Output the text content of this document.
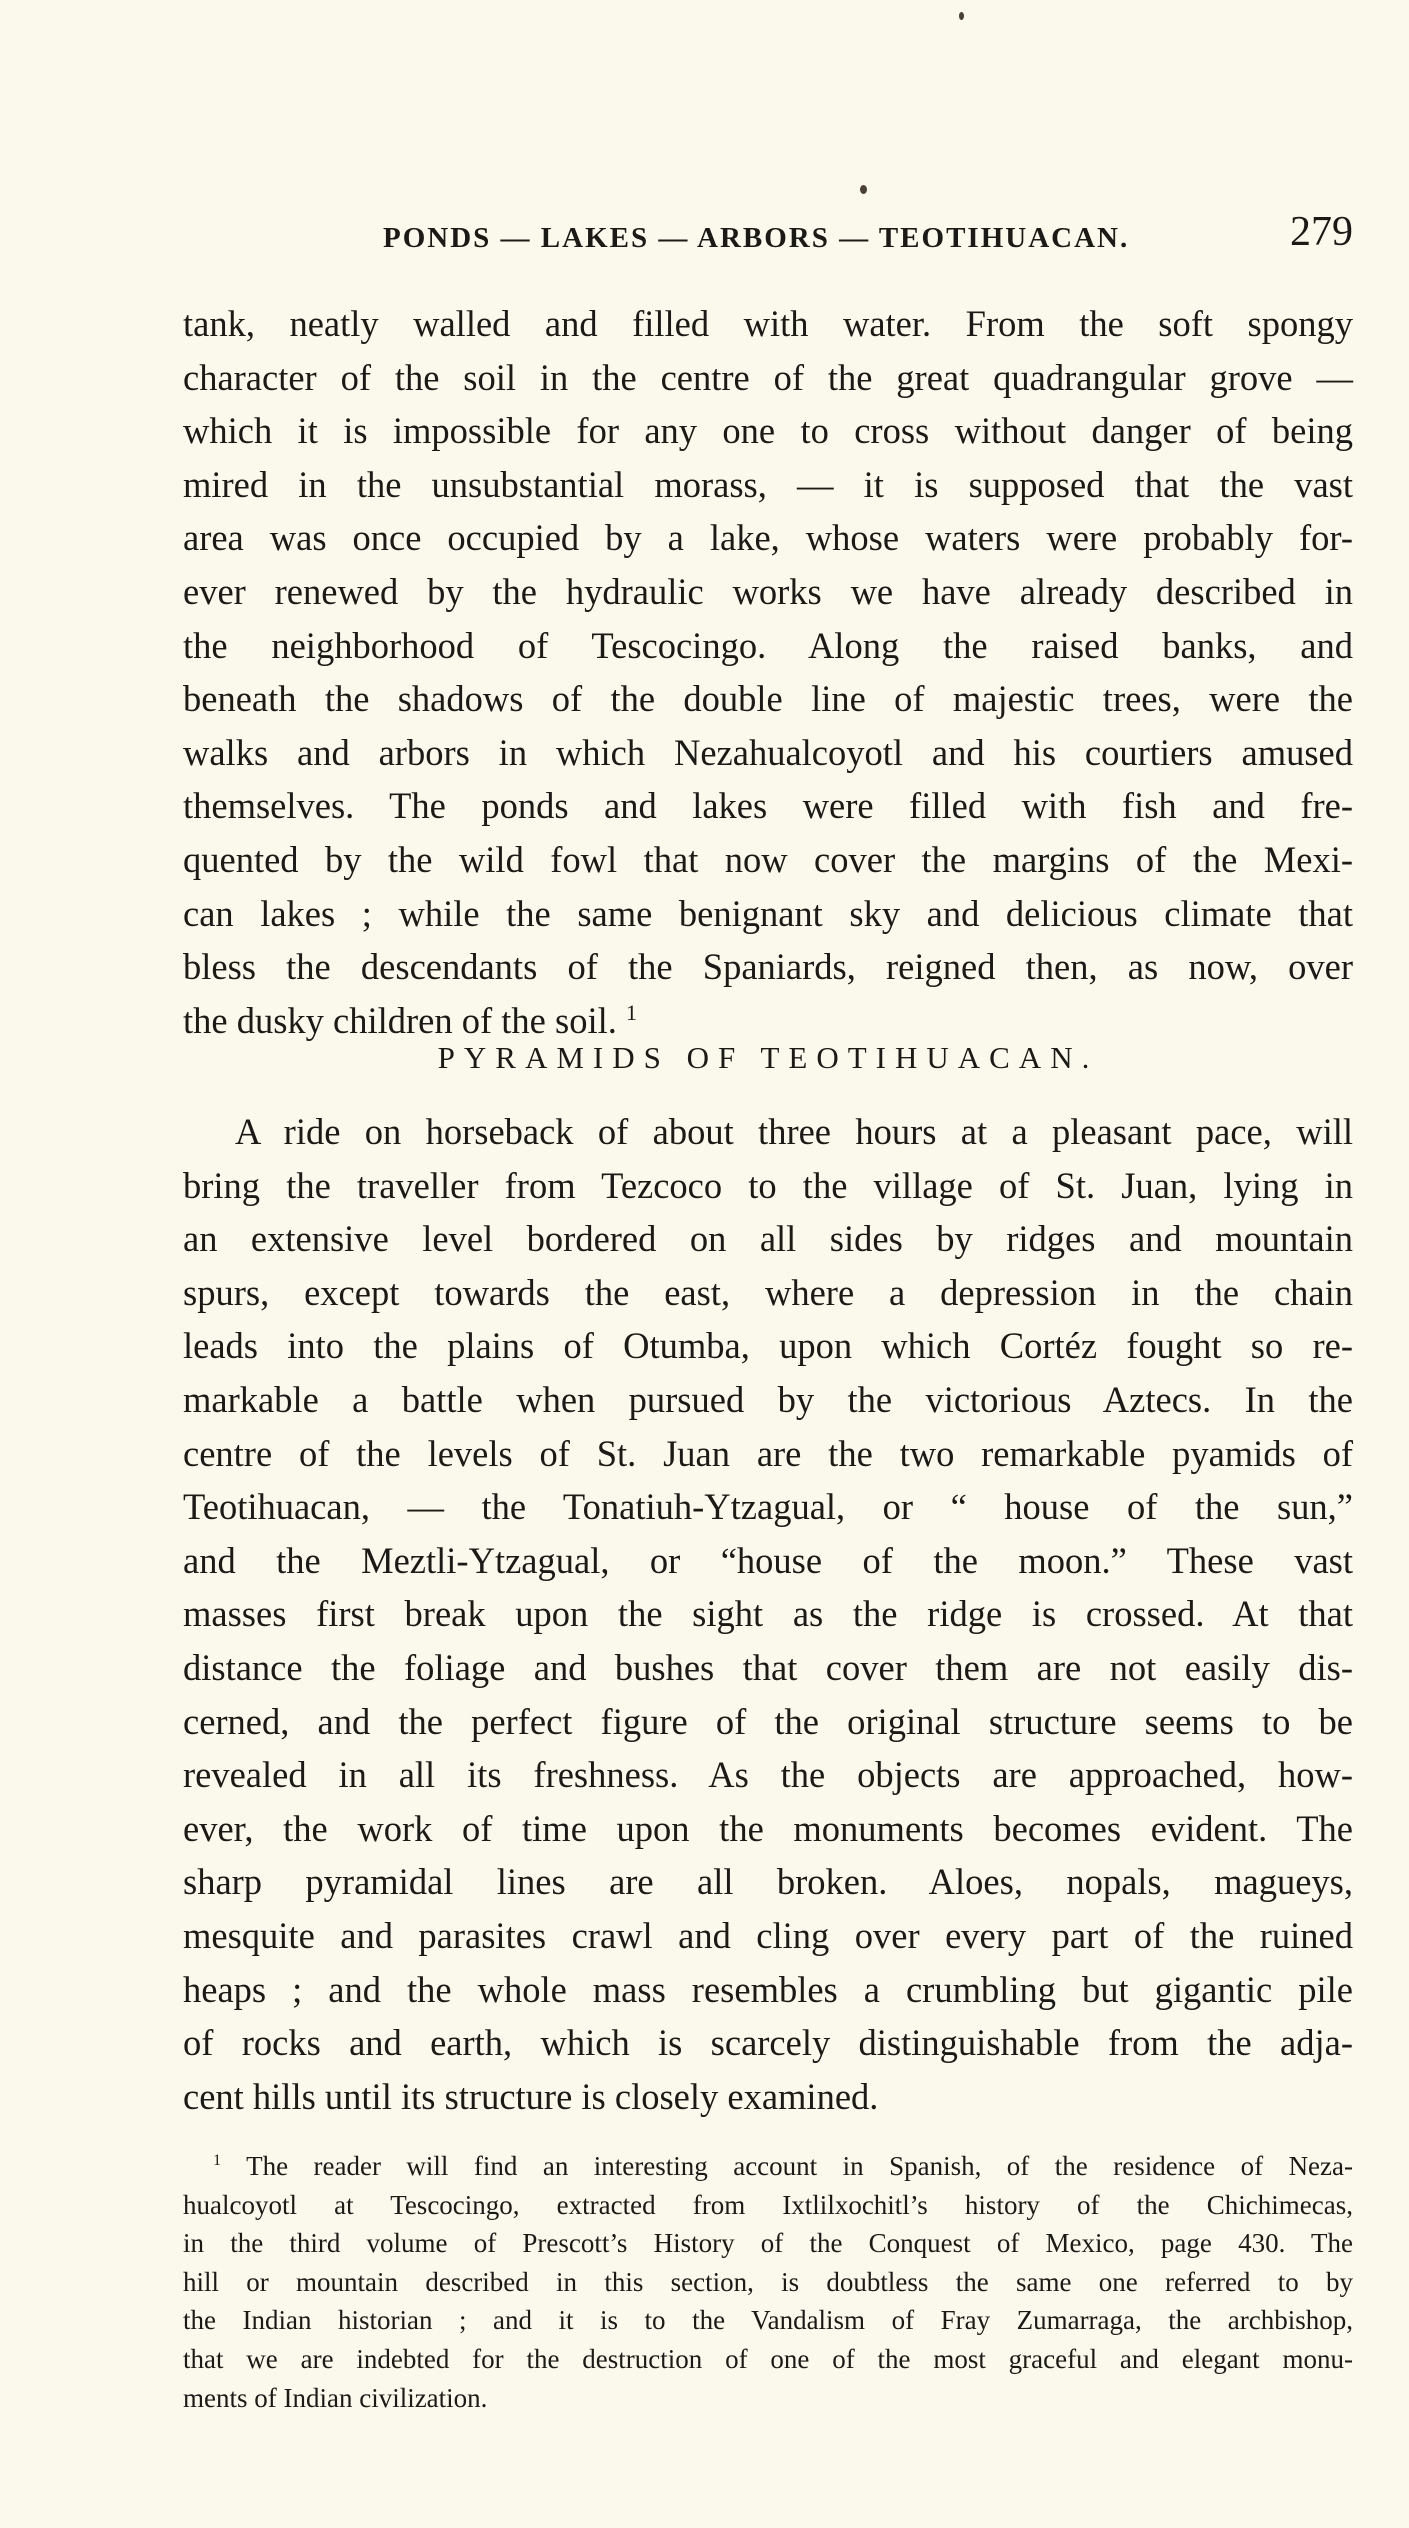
PONDS — LAKES — ARBORS — TEOTIHUACAN.	279
tank, neatly walled and filled with water. From the soft spongy
character of the soil in the centre of the great quadrangular grove —
which it is impossible for any one to cross without danger of being
mired in the unsubstantial morass, — it is supposed that the vast
area was once occupied by a lake, whose waters were probably for-
ever renewed by the hydraulic works we have already described in
the neighborhood of Tescocingo. Along the raised banks, and
beneath the shadows of the double line of majestic trees, were the
walks and arbors in which Nezahualcoyotl and his courtiers amused
themselves. The ponds and lakes were filled with fish and fre-
quented by the wild fowl that now cover the margins of the Mexi-
can lakes ; while the same benignant sky and delicious climate that
bless the descendants of the Spaniards, reigned then, as now, over
the dusky children of the soil. $^1$
PYRAMIDS OF TEOTIHUACAN.
A ride on horseback of about three hours at a pleasant pace, will
bring the traveller from Tezcoco to the village of St. Juan, lying in
an extensive level bordered on all sides by ridges and mountain
spurs, except towards the east, where a depression in the chain
leads into the plains of Otumba, upon which Cortéz fought so re-
markable a battle when pursued by the victorious Aztecs. In the
centre of the levels of St. Juan are the two remarkable pyamids of
Teotihuacan, — the Tonatiuh-Ytzagual, or “ house of the sun,”
and the Meztli-Ytzagual, or “house of the moon.” These vast
masses first break upon the sight as the ridge is crossed. At that
distance the foliage and bushes that cover them are not easily dis-
cerned, and the perfect figure of the original structure seems to be
revealed in all its freshness. As the objects are approached, how-
ever, the work of time upon the monuments becomes evident. The
sharp pyramidal lines are all broken. Aloes, nopals, magueys,
mesquite and parasites crawl and cling over every part of the ruined
heaps ; and the whole mass resembles a crumbling but gigantic pile
of rocks and earth, which is scarcely distinguishable from the adja-
cent hills until its structure is closely examined.
$^1$ The reader will find an interesting account in Spanish, of the residence of Neza-
hualcoyotl at Tescocingo, extracted from Ixtlilxochitl’s history of the Chichimecas,
in the third volume of Prescott’s History of the Conquest of Mexico, page 430. The
hill or mountain described in this section, is doubtless the same one referred to by
the Indian historian ; and it is to the Vandalism of Fray Zumarraga, the archbishop,
that we are indebted for the destruction of one of the most graceful and elegant monu-
ments of Indian civilization.
